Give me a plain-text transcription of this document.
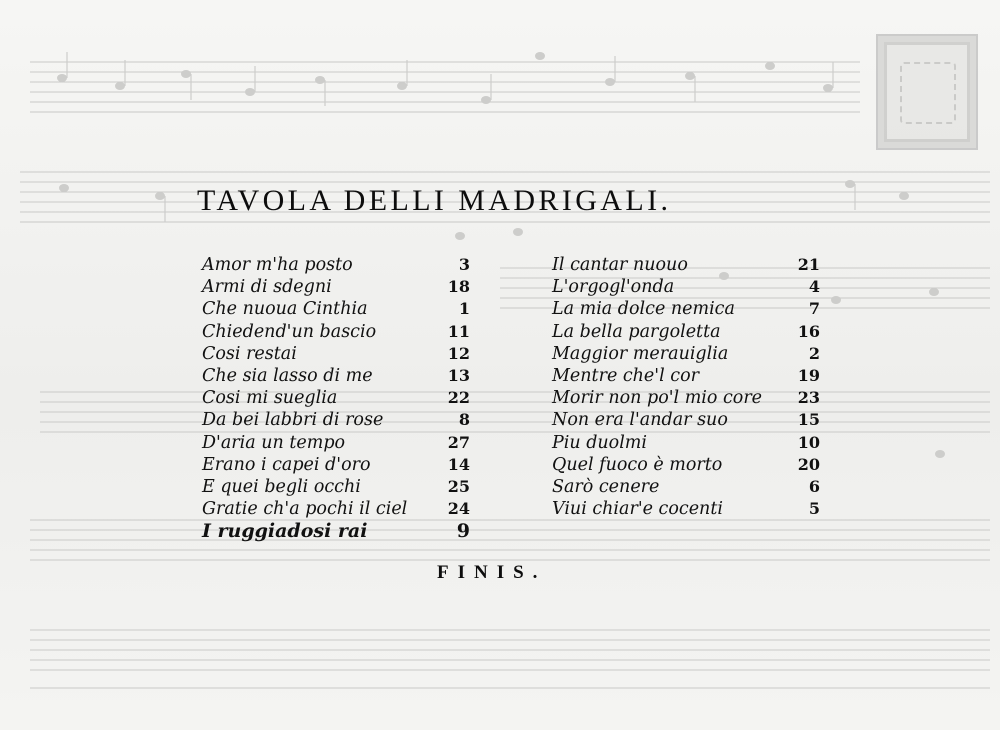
TAVOLA DELLI MADRIGALI.
Amor m'ha posto	3
Armi di sdegni	18
Che nuoua Cinthia	1
Chiedend'un bascio	11
Cosi restai	12
Che sia lasso di me	13
Cosi mi sueglia	22
Da bei labbri di rose	8
D'aria un tempo	27
Erano i capei d'oro	14
E quei begli occhi	25
Gratie ch'a pochi il ciel	24
I ruggiadosi rai	9
Il cantar nuouo	21
L'orgogl'onda	4
La mia dolce nemica	7
La bella pargoletta	16
Maggior merauiglia	2
Mentre che'l cor	19
Morir non po'l mio core 23
Non era l'andar suo	15
Piu duolmi	10
Quel fuoco è morto	20
Sarò cenere	6
Viui chiar'e cocenti	5

FINIS.
